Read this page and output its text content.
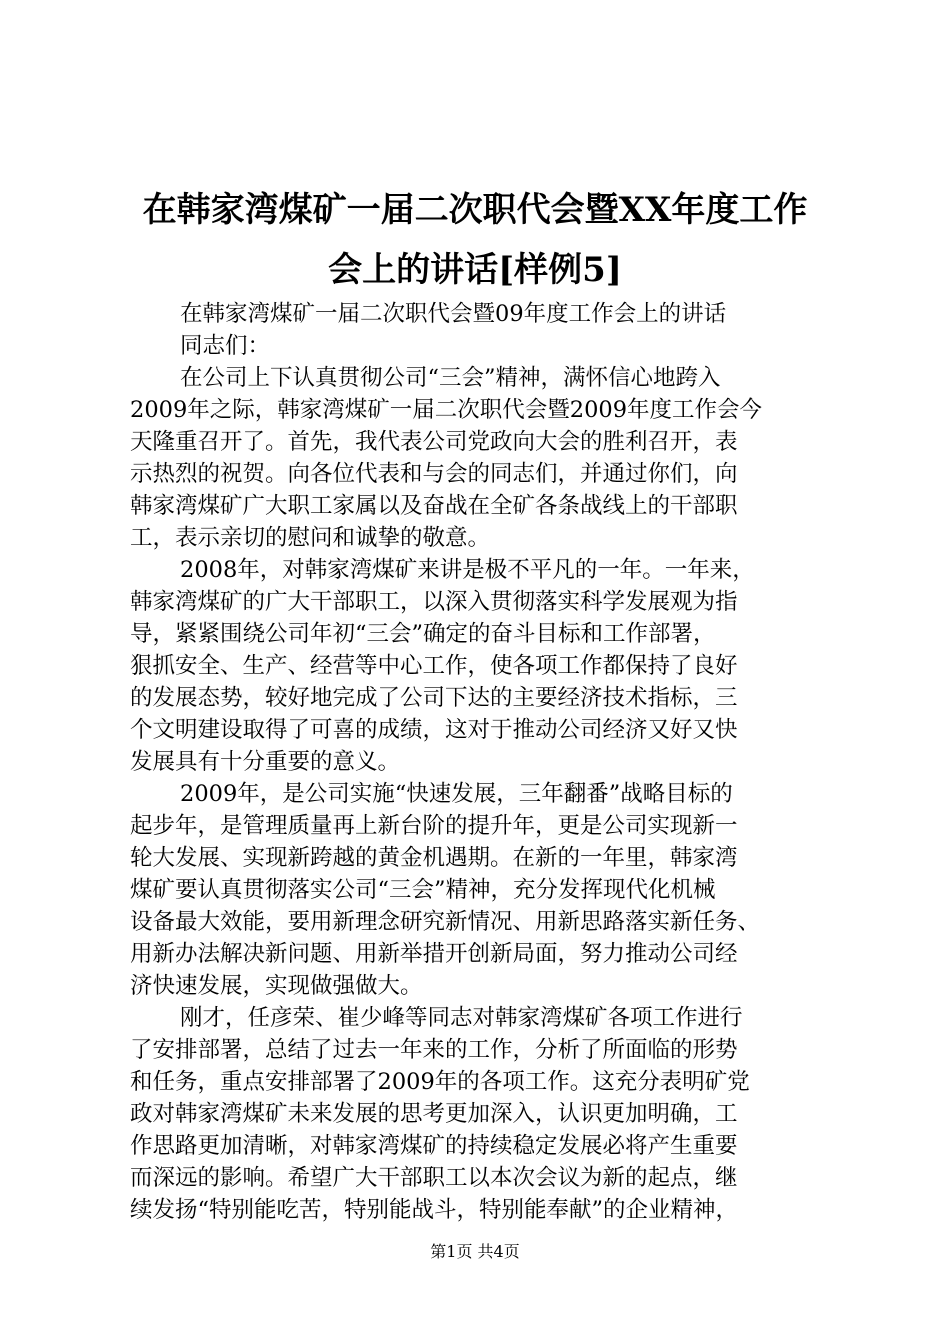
在韩家湾煤矿一届二次职代会暨XX年度工作
会上的讲话[样例5]
在韩家湾煤矿一届二次职代会暨09年度工作会上的讲话
同志们：
在公司上下认真贯彻公司“三会”精神，满怀信心地跨入
2009年之际，韩家湾煤矿一届二次职代会暨2009年度工作会今
天隆重召开了。首先，我代表公司党政向大会的胜利召开，表
示热烈的祝贺。向各位代表和与会的同志们，并通过你们，向
韩家湾煤矿广大职工家属以及奋战在全矿各条战线上的干部职
工，表示亲切的慰问和诚挚的敬意。
2008年，对韩家湾煤矿来讲是极不平凡的一年。一年来，
韩家湾煤矿的广大干部职工，以深入贯彻落实科学发展观为指
导，紧紧围绕公司年初“三会”确定的奋斗目标和工作部署，
狠抓安全、生产、经营等中心工作，使各项工作都保持了良好
的发展态势，较好地完成了公司下达的主要经济技术指标，三
个文明建设取得了可喜的成绩，这对于推动公司经济又好又快
发展具有十分重要的意义。
2009年，是公司实施“快速发展，三年翻番”战略目标的
起步年，是管理质量再上新台阶的提升年，更是公司实现新一
轮大发展、实现新跨越的黄金机遇期。在新的一年里，韩家湾
煤矿要认真贯彻落实公司“三会”精神，充分发挥现代化机械
设备最大效能，要用新理念研究新情况、用新思路落实新任务、
用新办法解决新问题、用新举措开创新局面，努力推动公司经
济快速发展，实现做强做大。
刚才，任彦荣、崔少峰等同志对韩家湾煤矿各项工作进行
了安排部署，总结了过去一年来的工作，分析了所面临的形势
和任务，重点安排部署了2009年的各项工作。这充分表明矿党
政对韩家湾煤矿未来发展的思考更加深入，认识更加明确，工
作思路更加清晰，对韩家湾煤矿的持续稳定发展必将产生重要
而深远的影响。希望广大干部职工以本次会议为新的起点，继
续发扬“特别能吃苦，特别能战斗，特别能奉献”的企业精神，
第1页 共4页
